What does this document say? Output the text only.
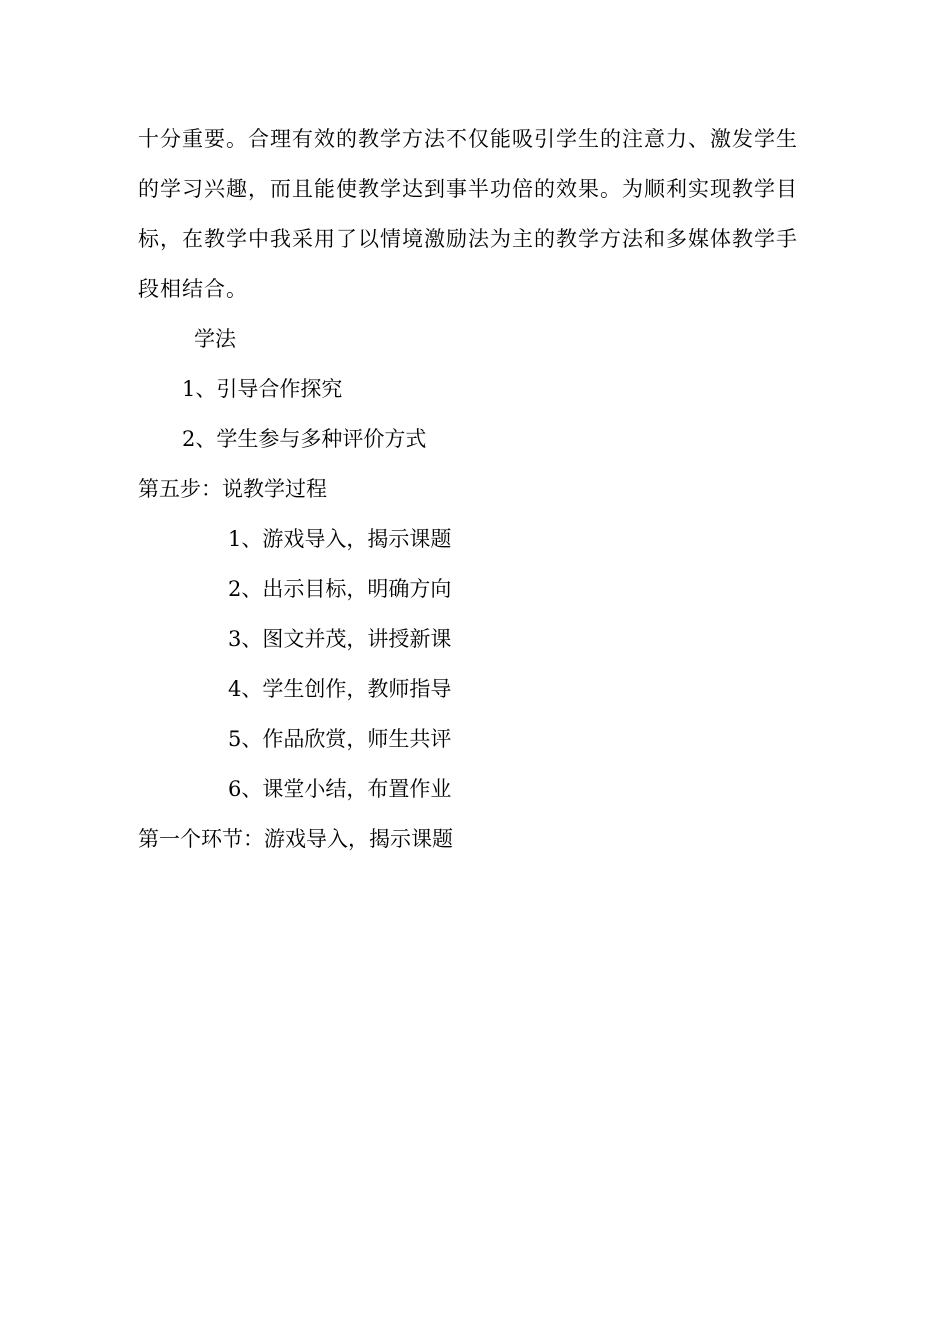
十分重要。合理有效的教学方法不仅能吸引学生的注意力、激发学生
的学习兴趣，而且能使教学达到事半功倍的效果。为顺利实现教学目
标，在教学中我采用了以情境激励法为主的教学方法和多媒体教学手
段相结合。
学法
1、引导合作探究
2、学生参与多种评价方式
第五步：说教学过程
1、游戏导入，揭示课题
2、出示目标，明确方向
3、图文并茂，讲授新课
4、学生创作，教师指导
5、作品欣赏，师生共评
6、课堂小结，布置作业
第一个环节：游戏导入，揭示课题
